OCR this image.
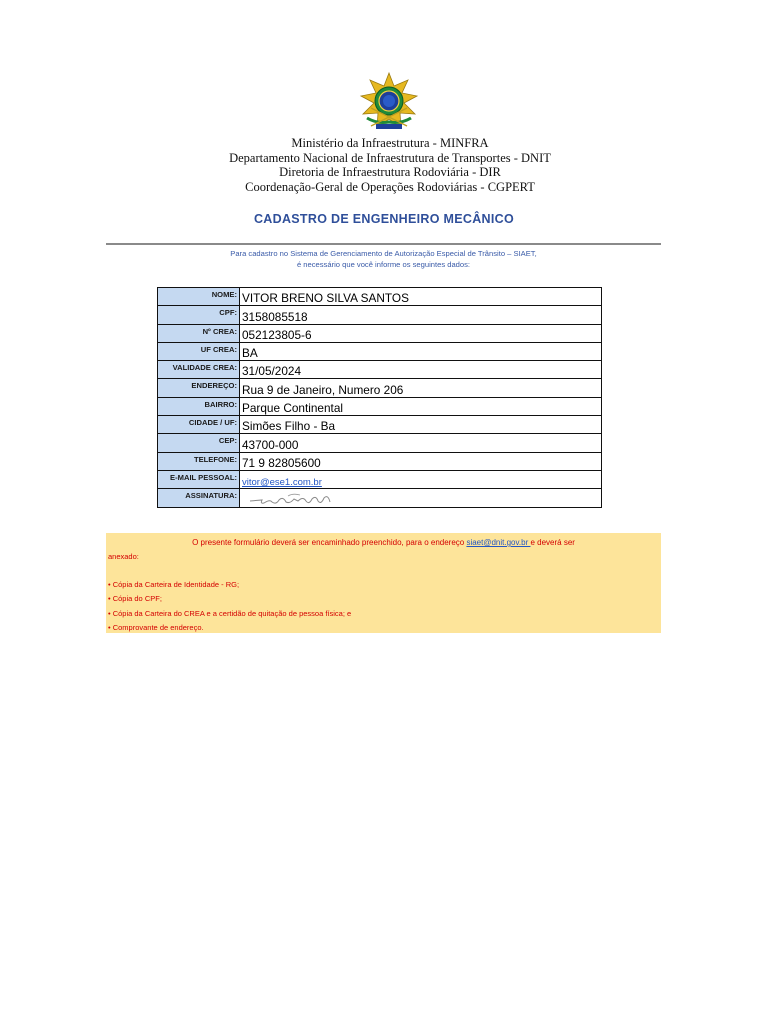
Ministério da Infraestrutura - MINFRA
Departamento Nacional de Infraestrutura de Transportes - DNIT
Diretoria de Infraestrutura Rodoviária - DIR
Coordenação-Geral de Operações Rodoviárias - CGPERT
CADASTRO DE ENGENHEIRO MECÂNICO
Para cadastro no Sistema de Gerenciamento de Autorização Especial de Trânsito – SIAET,
é necessário que você informe os seguintes dados:
NOME:	VITOR BRENO SILVA SANTOS
CPF:	3158085518
Nº CREA:	052123805-6
UF CREA:	BA
VALIDADE CREA:	31/05/2024
ENDEREÇO:	Rua 9 de Janeiro, Numero 206
BAIRRO:	Parque Continental
CIDADE / UF:	Simões Filho - Ba
CEP:	43700-000
TELEFONE:	71 9 82805600
E-MAIL PESSOAL:	vitor@ese1.com.br
ASSINATURA:	
O presente formulário deverá ser encaminhado preenchido, para o endereço siaet@dnit.gov.br e deverá ser
anexado:
• Cópia da Carteira de Identidade - RG;
• Cópia do CPF;
• Cópia da Carteira do CREA e a certidão de quitação de pessoa física; e
• Comprovante de endereço.
